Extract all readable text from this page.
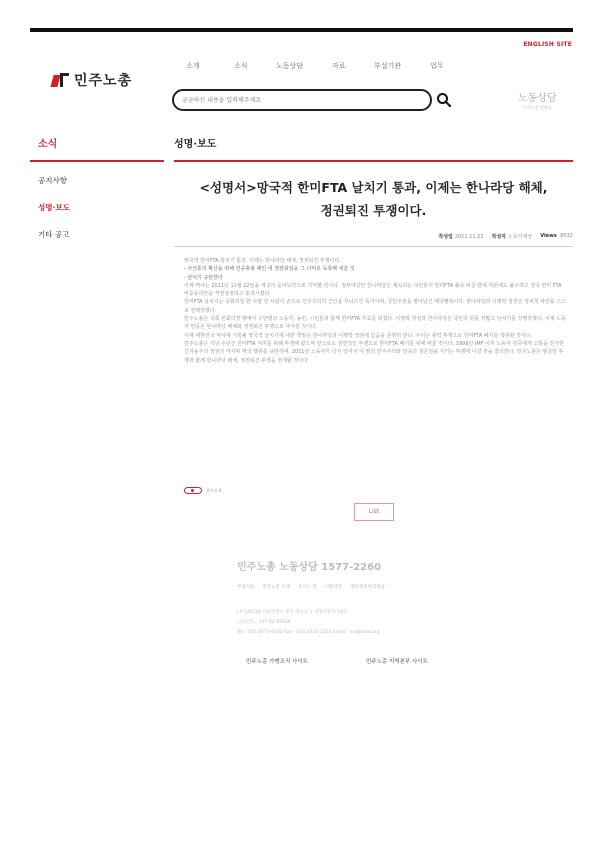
ENGLISH SITE
민주노총
소개	소식	노동상담	자료	부설기관	업무
궁금하신 내용을 입력해주세요
노동상담
민주노총 상담소
소식
공지사항
성명·보도
기타 공고
성명·보도
<성명서>망국적 한미FTA 날치기 통과, 이제는 한나라당 해체,
정권퇴진 투쟁이다.
작성일 2011.11.22 작성자 노동자세상 Views 8532

망국적 한미FTA 날치기 통과, 이제는 한나라당 해체, 정권퇴진 투쟁이다.

- 자산통의 확산을 위해 민중총궐 때린 내 정권퇴임을 그 너머로 독촉해 세울 것

- 날치기 규탄한다

이제 역사는 2011년 11월 22일을 제 2의 을사늑약으로 기억할 것이다. 정부여당인 한나라당은 계속되는 국민들의 한미FTA 졸속 비준 반대 여론에도 불구하고 결국 한미 FTA 비준동의안을 직권상정하고 통과시켰다.

한미FTA 날치기는 국회의원 한 사람 한 사람의 손으로 민주주의의 근간을 무너뜨린 폭거이며, 국민주권을 팔아넘긴 매국행위이다. 한나라당과 이명박 정권은 정치적 파산을 스스로 선택하였다.

민주노총은 국회 본회의장 밖에서 수만명의 노동자, 농민, 시민들과 함께 한미FTA 무효를 외쳤다. 이명박 정권과 한나라당은 국민의 뜻을 짓밟고 날치기를 강행하였다. 이제 노동자 민중은 한나라당 해체와 정권퇴진 투쟁으로 나아갈 것이다.

이제 대한민국 역사에 기록될 망국적 날치기에 대한 책임은 한나라당과 이명박 정권에 있음을 분명히 한다. 우리는 총력 투쟁으로 한미FTA 폐기를 쟁취할 것이다.

민주노총은 지난 수년간 한미FTA 저지를 위해 투쟁해 왔으며 앞으로도 전면적인 투쟁으로 한미FTA 폐기를 위해 싸울 것이다. 1998년 IMF 이후 노동자 민중에게 고통을 전가한 신자유주의 정권의 마지막 매국 행위를 규탄하며, 2011년 노동자가 다시 일어서 이 땅의 민주주의와 민중의 생존권을 지키는 투쟁에 나설 것을 결의한다. 민주노총은 범국민 투쟁과 함께 한나라당 해체, 정권퇴진 투쟁을 전개할 것이다.

좋아요 0
List
민주노총 노동상담 1577-2260
부설기관 민주노총 소개 오시는 길 이용약관 개인정보처리방침
(우) 04518 서울특별시 중구 정동길 3 경향신문사 14층
고유번호 : 107-82-09539
Tel : (02) 2670-9100 Fax : (02) 2635-1134 Email : nct@kctu.org
민주노총 가맹조직 사이트	민주노총 지역본부 사이트
